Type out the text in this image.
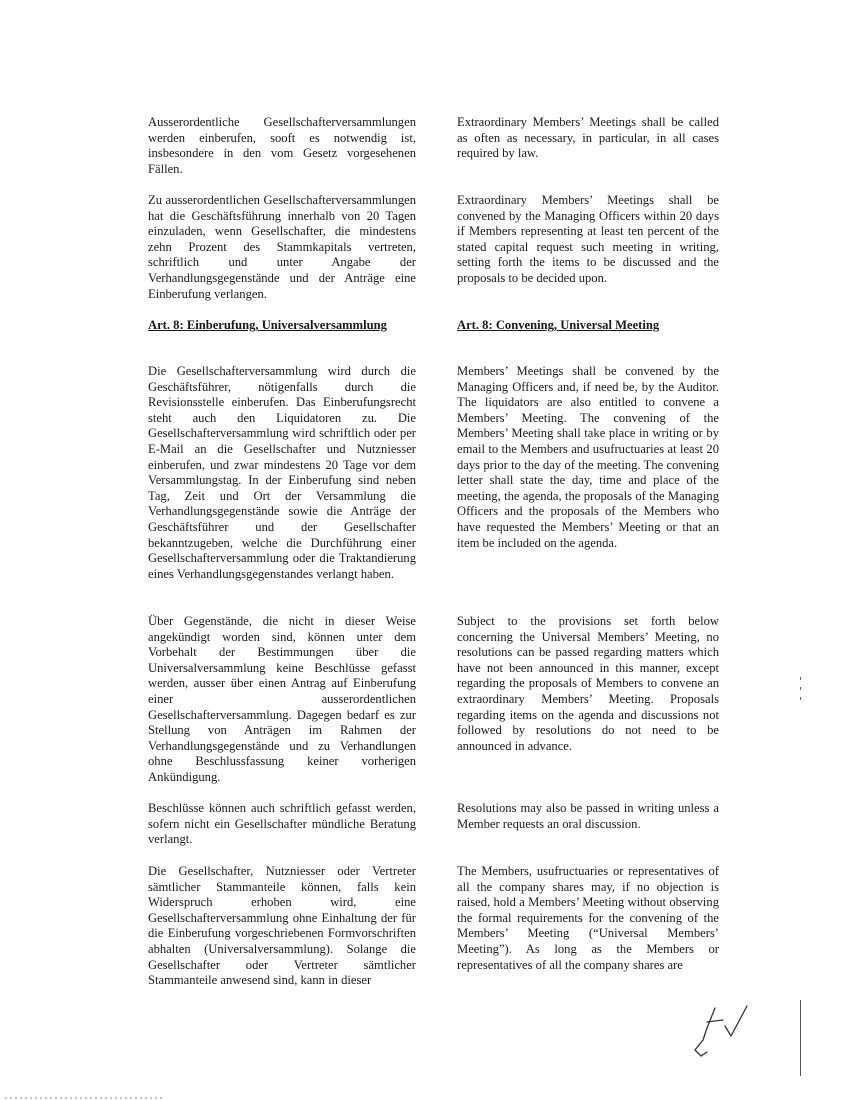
Ausserordentliche Gesellschafterversammlungen werden einberufen, sooft es notwendig ist, insbesondere in den vom Gesetz vorgesehenen Fällen.

Zu ausserordentlichen Gesellschafterversammlungen hat die Geschäftsführung innerhalb von 20 Tagen einzuladen, wenn Gesellschafter, die mindestens zehn Prozent des Stammkapitals vertreten, schriftlich und unter Angabe der Verhandlungsgegenstände und der Anträge eine Einberufung verlangen.

Art. 8: Einberufung, Universalversammlung

Die Gesellschafterversammlung wird durch die Geschäftsführer, nötigenfalls durch die Revisionsstelle einberufen. Das Einberufungsrecht steht auch den Liquidatoren zu. Die Gesellschafterversammlung wird schriftlich oder per E-Mail an die Gesellschafter und Nutzniesser einberufen, und zwar mindestens 20 Tage vor dem Versammlungstag. In der Einberufung sind neben Tag, Zeit und Ort der Versammlung die Verhandlungsgegenstände sowie die Anträge der Geschäftsführer und der Gesellschafter bekanntzugeben, welche die Durchführung einer Gesellschafterversammlung oder die Traktandierung eines Verhandlungsgegenstandes verlangt haben.

Über Gegenstände, die nicht in dieser Weise angekündigt worden sind, können unter dem Vorbehalt der Bestimmungen über die Universalversammlung keine Beschlüsse gefasst werden, ausser über einen Antrag auf Einberufung einer ausserordentlichen Gesellschafterversammlung. Dagegen bedarf es zur Stellung von Anträgen im Rahmen der Verhandlungsgegenstände und zu Verhandlungen ohne Beschlussfassung keiner vorherigen Ankündigung.

Beschlüsse können auch schriftlich gefasst werden, sofern nicht ein Gesellschafter mündliche Beratung verlangt.

Die Gesellschafter, Nutzniesser oder Vertreter sämtlicher Stammanteile können, falls kein Widerspruch erhoben wird, eine Gesellschafterversammlung ohne Einhaltung der für die Einberufung vorgeschriebenen Formvorschriften abhalten (Universalversammlung). Solange die Gesellschafter oder Vertreter sämtlicher Stammanteile anwesend sind, kann in dieser

Extraordinary Members’ Meetings shall be called as often as necessary, in particular, in all cases required by law.

Extraordinary Members’ Meetings shall be convened by the Managing Officers within 20 days if Members representing at least ten percent of the stated capital request such meeting in writing, setting forth the items to be discussed and the proposals to be decided upon.

Art. 8: Convening, Universal Meeting

Members’ Meetings shall be convened by the Managing Officers and, if need be, by the Auditor. The liquidators are also entitled to convene a Members’ Meeting. The convening of the Members’ Meeting shall take place in writing or by email to the Members and usufructuaries at least 20 days prior to the day of the meeting. The convening letter shall state the day, time and place of the meeting, the agenda, the proposals of the Managing Officers and the proposals of the Members who have requested the Members’ Meeting or that an item be included on the agenda.

Subject to the provisions set forth below concerning the Universal Members’ Meeting, no resolutions can be passed regarding matters which have not been announced in this manner, except regarding the proposals of Members to convene an extraordinary Members’ Meeting. Proposals regarding items on the agenda and discussions not followed by resolutions do not need to be announced in advance.

Resolutions may also be passed in writing unless a Member requests an oral discussion.

The Members, usufructuaries or representatives of all the company shares may, if no objection is raised, hold a Members’ Meeting without observing the formal requirements for the convening of the Members’ Meeting (“Universal Members’ Meeting”). As long as the Members or representatives of all the company shares are
